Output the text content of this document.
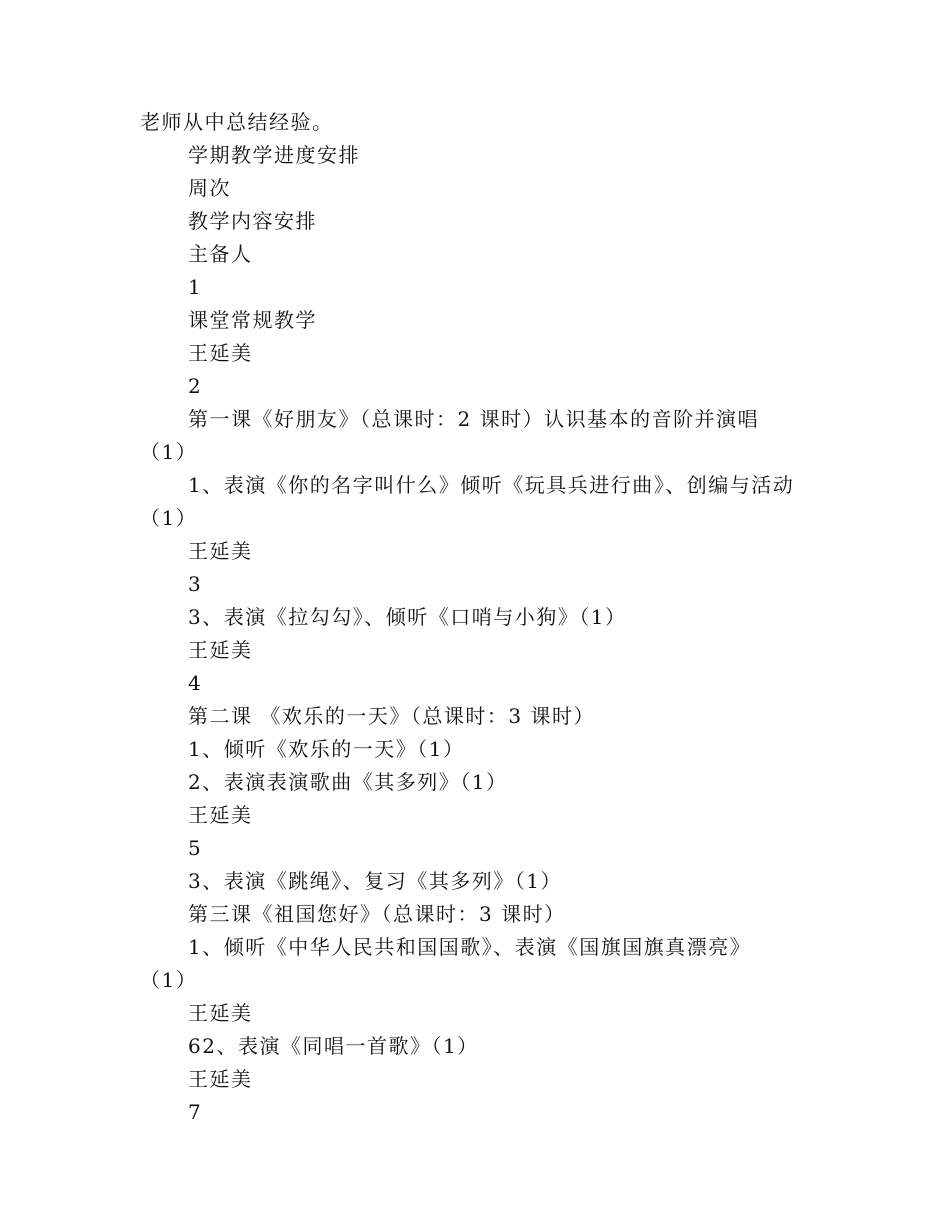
老师从中总结经验。
学期教学进度安排
周次
教学内容安排
主备人
1
课堂常规教学
王延美
2
第一课《好朋友》（总课时：2 课时）认识基本的音阶并演唱
（1）
1、表演《你的名字叫什么》倾听《玩具兵进行曲》、创编与活动
（1）
王延美
3
3、表演《拉勾勾》、倾听《口哨与小狗》（1）
王延美
4
第二课 《欢乐的一天》（总课时：3 课时）
1、倾听《欢乐的一天》（1）
2、表演表演歌曲《其多列》（1）
王延美
5
3、表演《跳绳》、复习《其多列》（1）
第三课《祖国您好》（总课时：3 课时）
1、倾听《中华人民共和国国歌》、表演《国旗国旗真漂亮》
（1）
王延美
62、表演《同唱一首歌》（1）
王延美
7
